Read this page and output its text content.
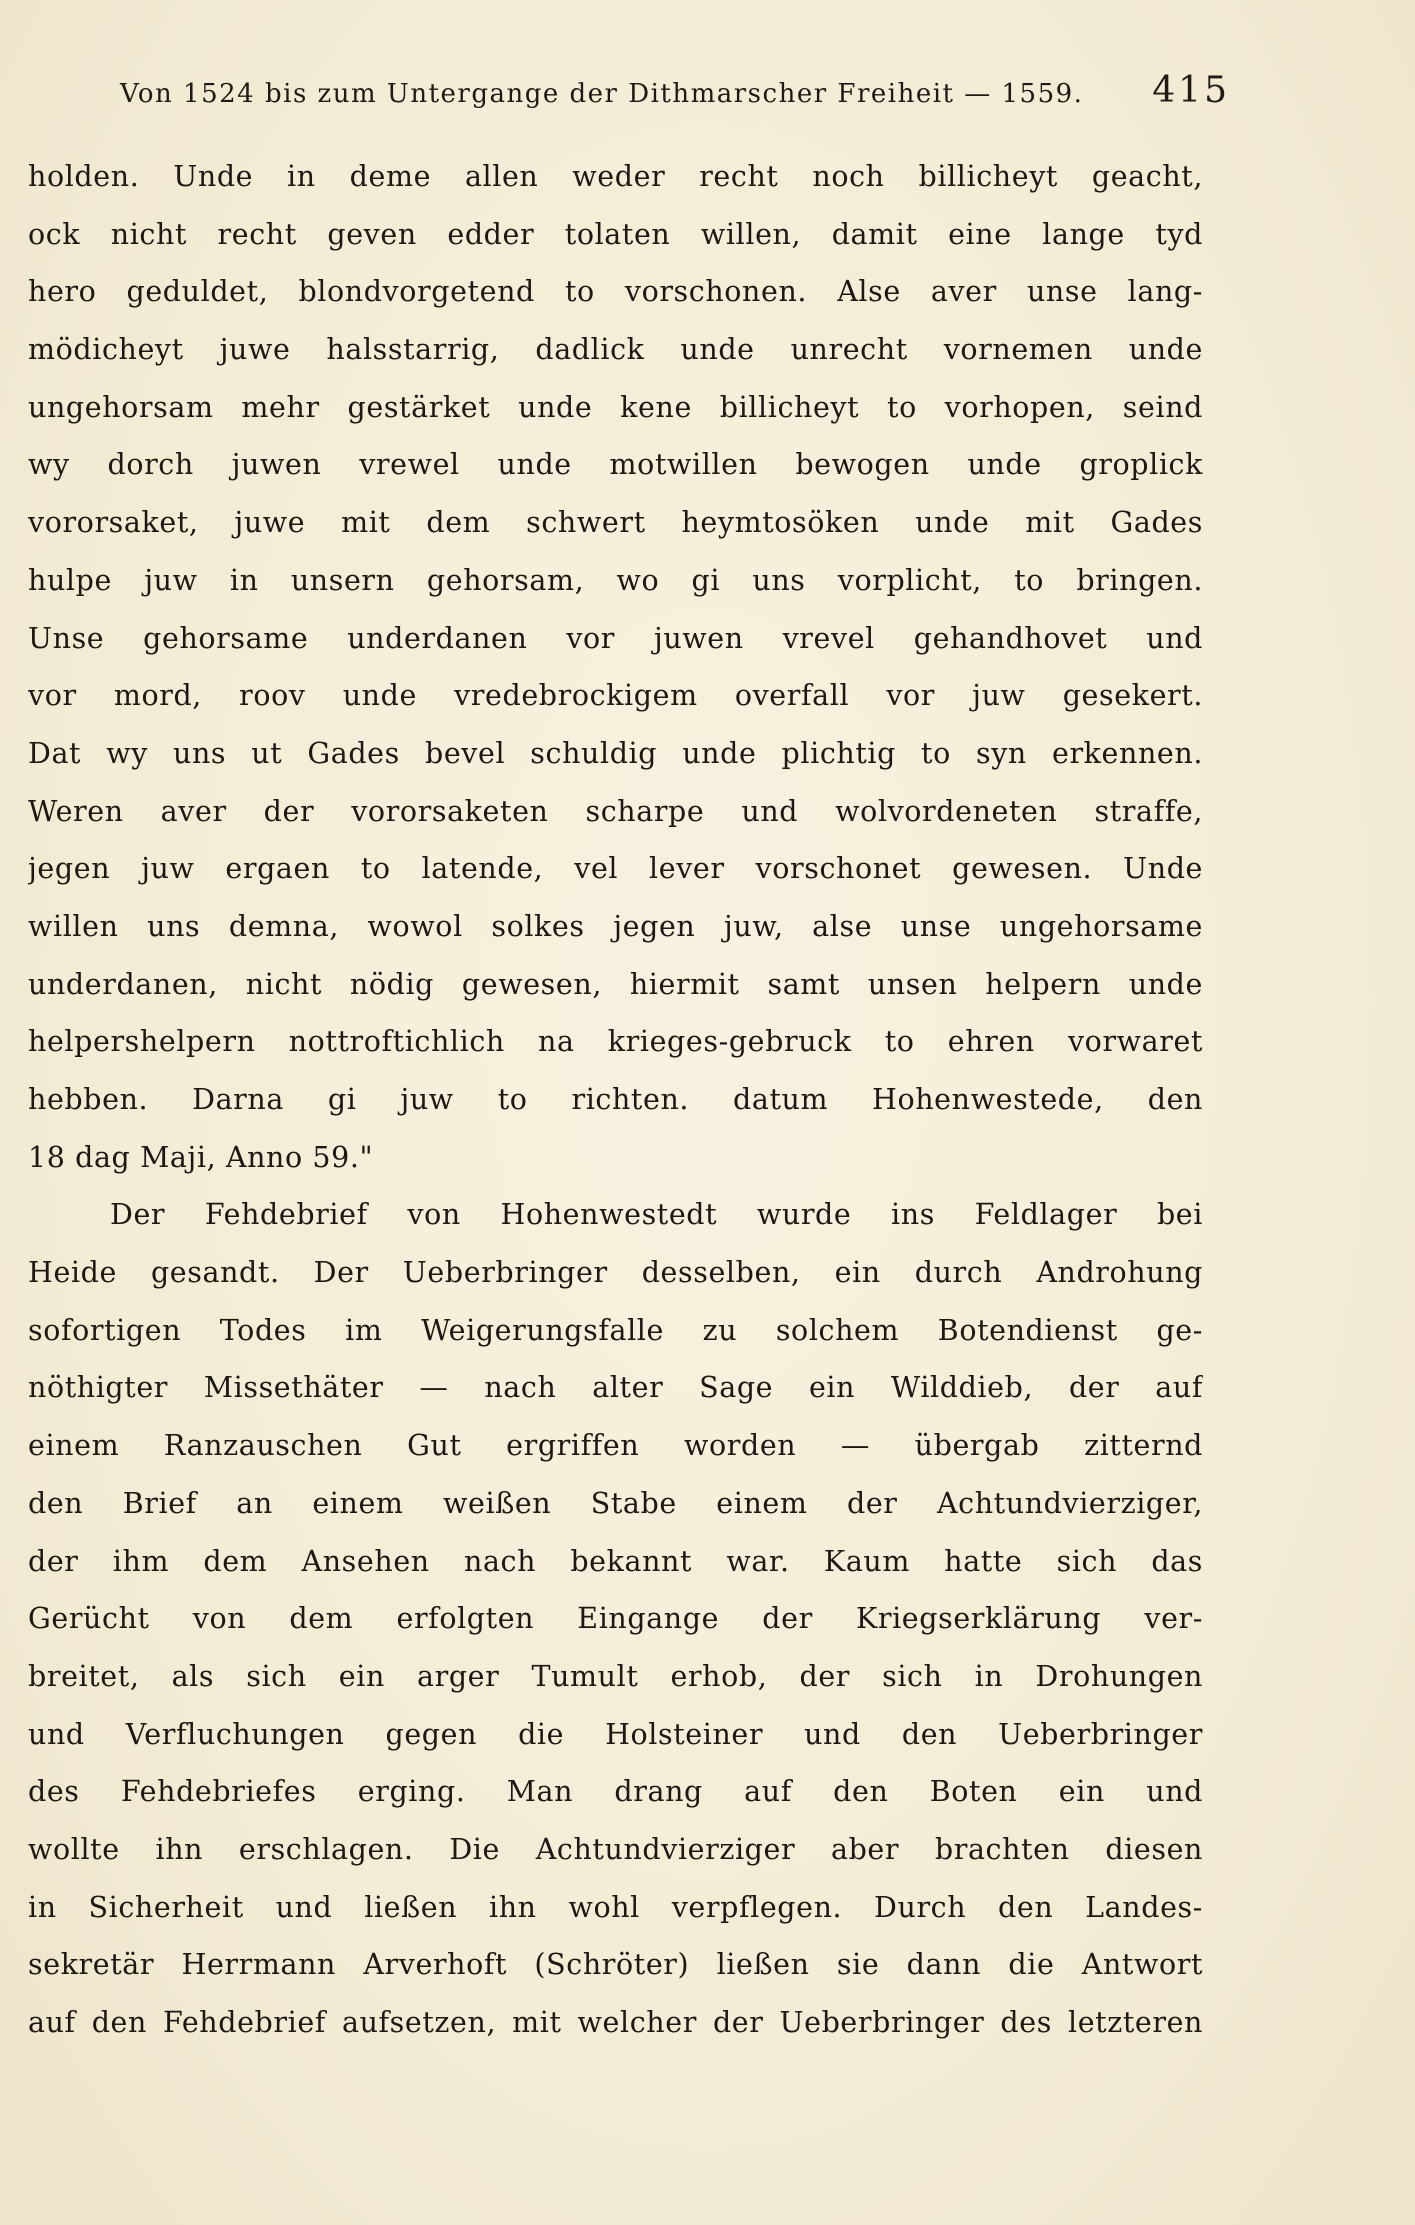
Von 1524 bis zum Untergange der Dithmarscher Freiheit — 1559. 415
holden. Unde in deme allen weder recht noch billicheyt geacht,
ock nicht recht geven edder tolaten willen, damit eine lange tyd
hero geduldet, blondvorgetend to vorschonen. Alse aver unse lang-
mödicheyt juwe halsstarrig, dadlick unde unrecht vornemen unde
ungehorsam mehr gestärket unde kene billicheyt to vorhopen, seind
wy dorch juwen vrewel unde motwillen bewogen unde groplick
vororsaket, juwe mit dem schwert heymtosöken unde mit Gades
hulpe juw in unsern gehorsam, wo gi uns vorplicht, to bringen.
Unse gehorsame underdanen vor juwen vrevel gehandhovet und
vor mord, roov unde vredebrockigem overfall vor juw gesekert.
Dat wy uns ut Gades bevel schuldig unde plichtig to syn erkennen.
Weren aver der vororsaketen scharpe und wolvordeneten straffe,
jegen juw ergaen to latende, vel lever vorschonet gewesen. Unde
willen uns demna, wowol solkes jegen juw, alse unse ungehorsame
underdanen, nicht nödig gewesen, hiermit samt unsen helpern unde
helpershelpern nottroftichlich na krieges-gebruck to ehren vorwaret
hebben. Darna gi juw to richten. datum Hohenwestede, den
18 dag Maji, Anno 59."
Der Fehdebrief von Hohenwestedt wurde ins Feldlager bei
Heide gesandt. Der Ueberbringer desselben, ein durch Androhung
sofortigen Todes im Weigerungsfalle zu solchem Botendienst ge-
nöthigter Missethäter — nach alter Sage ein Wilddieb, der auf
einem Ranzauschen Gut ergriffen worden — übergab zitternd
den Brief an einem weißen Stabe einem der Achtundvierziger,
der ihm dem Ansehen nach bekannt war. Kaum hatte sich das
Gerücht von dem erfolgten Eingange der Kriegserklärung ver-
breitet, als sich ein arger Tumult erhob, der sich in Drohungen
und Verfluchungen gegen die Holsteiner und den Ueberbringer
des Fehdebriefes erging. Man drang auf den Boten ein und
wollte ihn erschlagen. Die Achtundvierziger aber brachten diesen
in Sicherheit und ließen ihn wohl verpflegen. Durch den Landes-
sekretär Herrmann Arverhoft (Schröter) ließen sie dann die Antwort
auf den Fehdebrief aufsetzen, mit welcher der Ueberbringer des letzteren
